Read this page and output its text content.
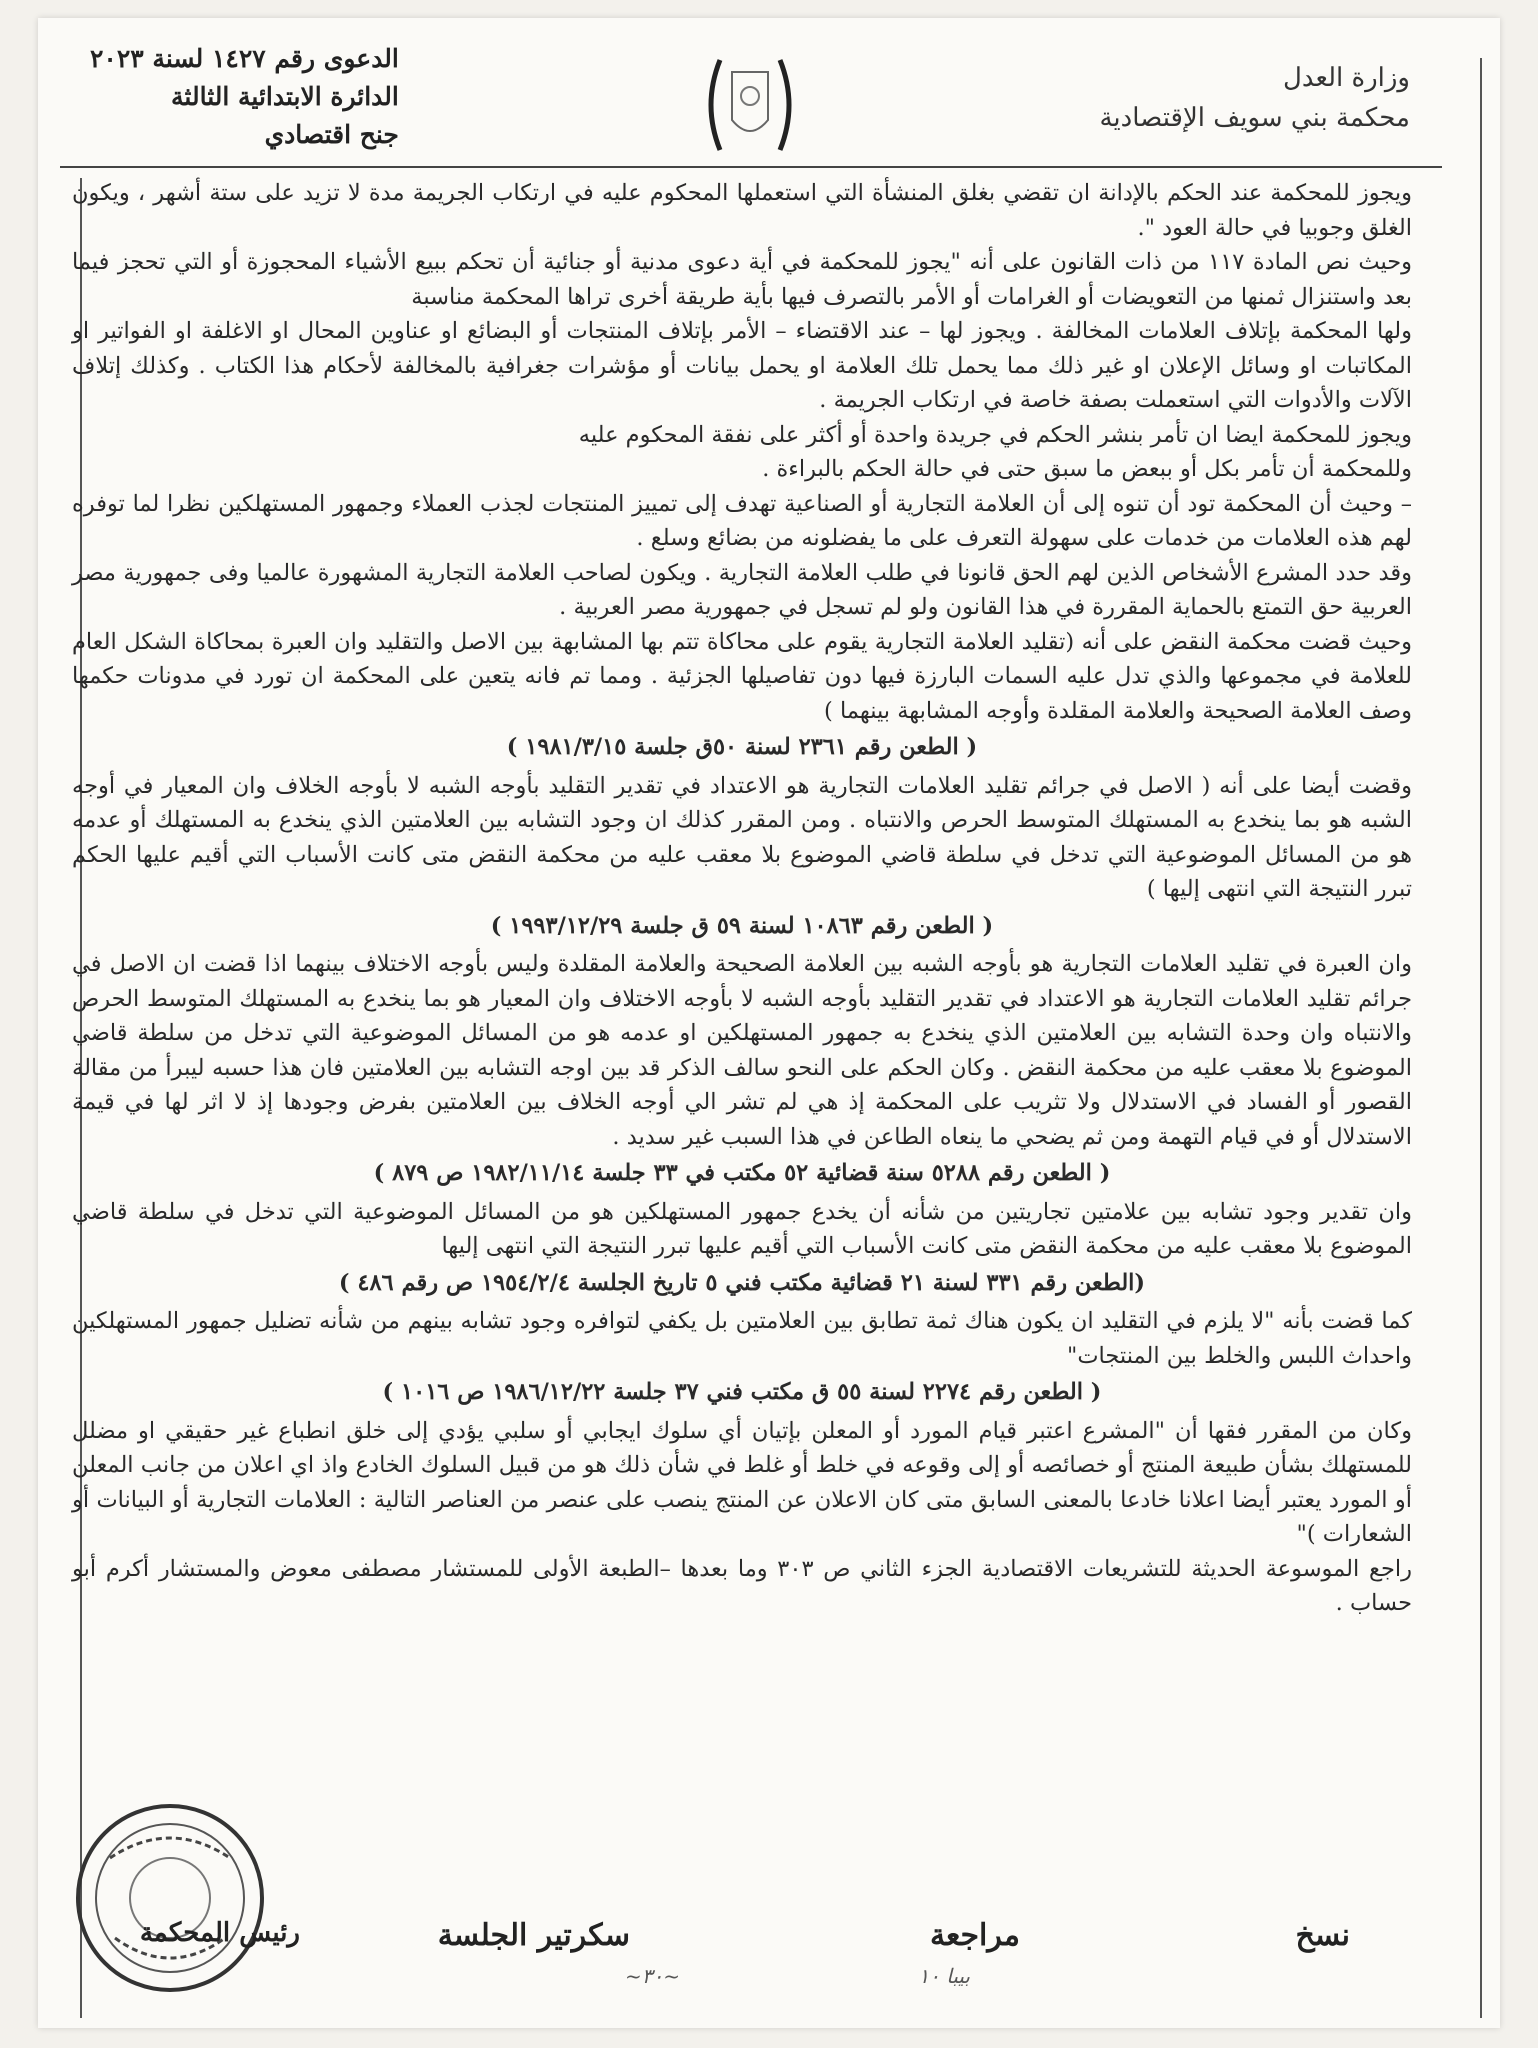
وزارة العدل
محكمة بني سويف الإقتصادية
الدعوى رقم ١٤٢٧ لسنة ٢٠٢٣
الدائرة الابتدائية الثالثة
جنح اقتصادي

ويجوز للمحكمة عند الحكم بالإدانة ان تقضي بغلق المنشأة التي استعملها المحكوم عليه في ارتكاب الجريمة مدة لا تزيد على ستة أشهر ، ويكون الغلق وجوبيا في حالة العود ".

وحيث نص المادة ١١٧ من ذات القانون على أنه "يجوز للمحكمة في أية دعوى مدنية أو جنائية أن تحكم ببيع الأشياء المحجوزة أو التي تحجز فيما بعد واستنزال ثمنها من التعويضات أو الغرامات أو الأمر بالتصرف فيها بأية طريقة أخرى تراها المحكمة مناسبة

ولها المحكمة بإتلاف العلامات المخالفة . ويجوز لها – عند الاقتضاء – الأمر بإتلاف المنتجات أو البضائع او عناوين المحال او الاغلفة او الفواتير او المكاتبات او وسائل الإعلان او غير ذلك مما يحمل تلك العلامة او يحمل بيانات أو مؤشرات جغرافية بالمخالفة لأحكام هذا الكتاب . وكذلك إتلاف الآلات والأدوات التي استعملت بصفة خاصة في ارتكاب الجريمة .

ويجوز للمحكمة ايضا ان تأمر بنشر الحكم في جريدة واحدة أو أكثر على نفقة المحكوم عليه

وللمحكمة أن تأمر بكل أو ببعض ما سبق حتى في حالة الحكم بالبراءة .

– وحيث أن المحكمة تود أن تنوه إلى أن العلامة التجارية أو الصناعية تهدف إلى تمييز المنتجات لجذب العملاء وجمهور المستهلكين نظرا لما توفره لهم هذه العلامات من خدمات على سهولة التعرف على ما يفضلونه من بضائع وسلع .

وقد حدد المشرع الأشخاص الذين لهم الحق قانونا في طلب العلامة التجارية . ويكون لصاحب العلامة التجارية المشهورة عالميا وفى جمهورية مصر العربية حق التمتع بالحماية المقررة في هذا القانون ولو لم تسجل في جمهورية مصر العربية .

وحيث قضت محكمة النقض على أنه (تقليد العلامة التجارية يقوم على محاكاة تتم بها المشابهة بين الاصل والتقليد وان العبرة بمحاكاة الشكل العام للعلامة في مجموعها والذي تدل عليه السمات البارزة فيها دون تفاصيلها الجزئية . ومما تم فانه يتعين على المحكمة ان تورد في مدونات حكمها وصف العلامة الصحيحة والعلامة المقلدة وأوجه المشابهة بينهما )

( الطعن رقم ٢٣٦١ لسنة ٥٠ق جلسة ١٩٨١/٣/١٥ )

وقضت أيضا على أنه ( الاصل في جرائم تقليد العلامات التجارية هو الاعتداد في تقدير التقليد بأوجه الشبه لا بأوجه الخلاف وان المعيار في أوجه الشبه هو بما ينخدع به المستهلك المتوسط الحرص والانتباه . ومن المقرر كذلك ان وجود التشابه بين العلامتين الذي ينخدع به المستهلك أو عدمه هو من المسائل الموضوعية التي تدخل في سلطة قاضي الموضوع بلا معقب عليه من محكمة النقض متى كانت الأسباب التي أقيم عليها الحكم تبرر النتيجة التي انتهى إليها )

( الطعن رقم ١٠٨٦٣ لسنة ٥٩ ق جلسة ١٩٩٣/١٢/٢٩ )

وان العبرة في تقليد العلامات التجارية هو بأوجه الشبه بين العلامة الصحيحة والعلامة المقلدة وليس بأوجه الاختلاف بينهما اذا قضت ان الاصل في جرائم تقليد العلامات التجارية هو الاعتداد في تقدير التقليد بأوجه الشبه لا بأوجه الاختلاف وان المعيار هو بما ينخدع به المستهلك المتوسط الحرص والانتباه وان وحدة التشابه بين العلامتين الذي ينخدع به جمهور المستهلكين او عدمه هو من المسائل الموضوعية التي تدخل من سلطة قاضي الموضوع بلا معقب عليه من محكمة النقض . وكان الحكم على النحو سالف الذكر قد بين اوجه التشابه بين العلامتين فان هذا حسبه ليبرأ من مقالة القصور أو الفساد في الاستدلال ولا تثريب على المحكمة إذ هي لم تشر الي أوجه الخلاف بين العلامتين بفرض وجودها إذ لا اثر لها في قيمة الاستدلال أو في قيام التهمة ومن ثم يضحي ما ينعاه الطاعن في هذا السبب غير سديد .

( الطعن رقم ٥٢٨٨ سنة قضائية ٥٢ مكتب في ٣٣ جلسة ١٩٨٢/١١/١٤ ص ٨٧٩ )

وان تقدير وجود تشابه بين علامتين تجاريتين من شأنه أن يخدع جمهور المستهلكين هو من المسائل الموضوعية التي تدخل في سلطة قاضي الموضوع بلا معقب عليه من محكمة النقض متى كانت الأسباب التي أقيم عليها تبرر النتيجة التي انتهى إليها

(الطعن رقم ٣٣١ لسنة ٢١ قضائية مكتب فني ٥ تاريخ الجلسة ١٩٥٤/٢/٤ ص رقم ٤٨٦ )

كما قضت بأنه "لا يلزم في التقليد ان يكون هناك ثمة تطابق بين العلامتين بل يكفي لتوافره وجود تشابه بينهم من شأنه تضليل جمهور المستهلكين واحداث اللبس والخلط بين المنتجات"

( الطعن رقم ٢٢٧٤ لسنة ٥٥ ق مكتب فني ٣٧ جلسة ١٩٨٦/١٢/٢٢ ص ١٠١٦ )

وكان من المقرر فقها أن "المشرع اعتبر قيام المورد أو المعلن بإتيان أي سلوك ايجابي أو سلبي يؤدي إلى خلق انطباع غير حقيقي او مضلل للمستهلك بشأن طبيعة المنتج أو خصائصه أو إلى وقوعه في خلط أو غلط في شأن ذلك هو من قبيل السلوك الخادع واذ اي اعلان من جانب المعلن أو المورد يعتبر أيضا اعلانا خادعا بالمعنى السابق متى كان الاعلان عن المنتج ينصب على عنصر من العناصر التالية : العلامات التجارية أو البيانات أو الشعارات )"

راجع الموسوعة الحديثة للتشريعات الاقتصادية الجزء الثاني ص ٣٠٣ وما بعدها –الطبعة الأولى للمستشار مصطفى معوض والمستشار أكرم أبو حساب .

نسخ
مراجعة
سكرتير الجلسة
رئيس المحكمة
بيبا ١٠
~٣٠~
